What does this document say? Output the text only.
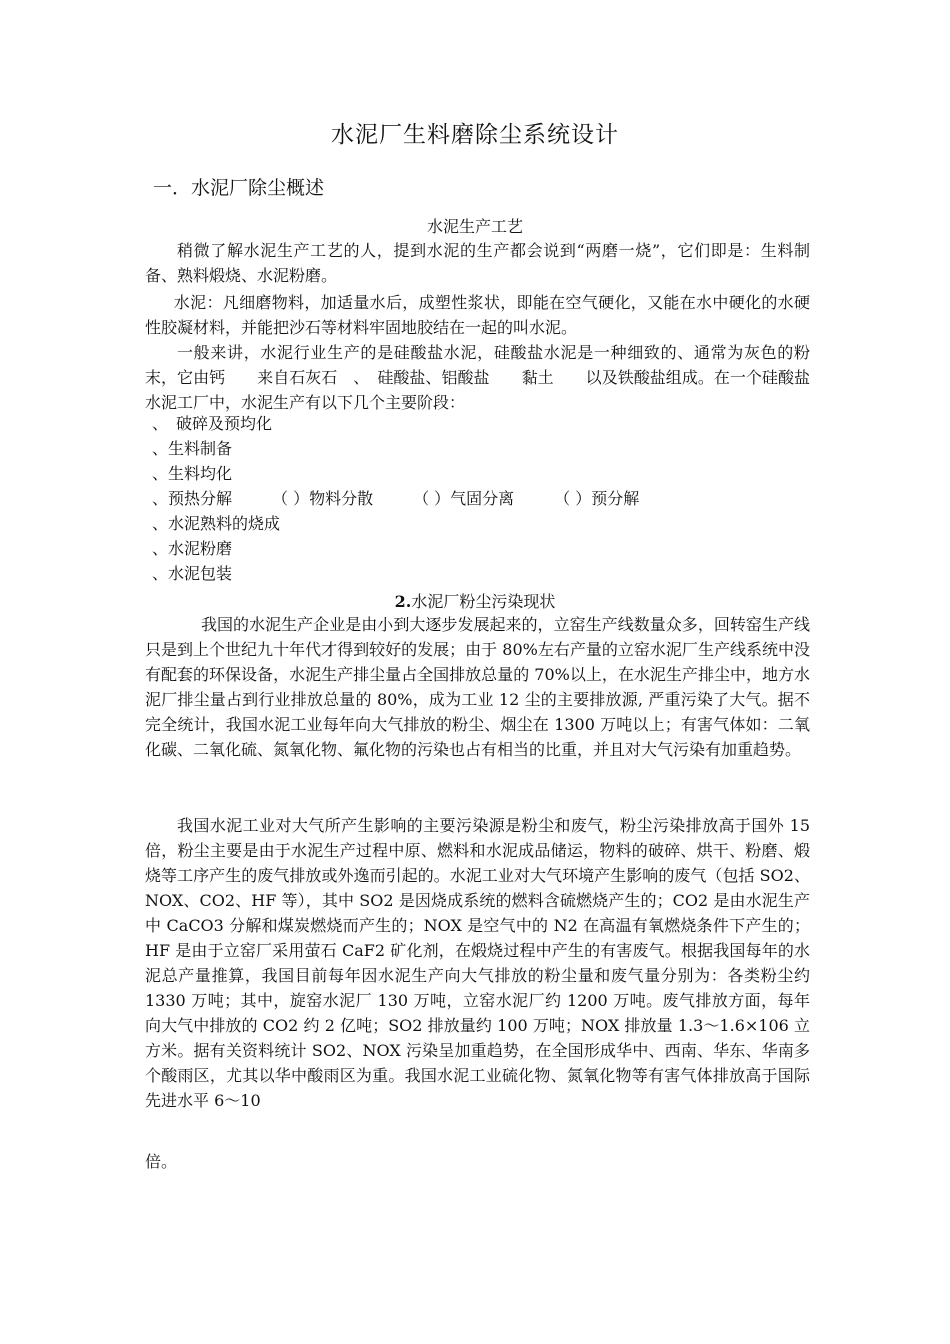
水泥厂生料磨除尘系统设计
一．水泥厂除尘概述
水泥生产工艺
稍微了解水泥生产工艺的人，提到水泥的生产都会说到“两磨一烧”，它们即是：生料制备、熟料煅烧、水泥粉磨。
水泥：凡细磨物料，加适量水后，成塑性浆状，即能在空气硬化，又能在水中硬化的水硬性胶凝材料，并能把沙石等材料牢固地胶结在一起的叫水泥。
一般来讲，水泥行业生产的是硅酸盐水泥，硅酸盐水泥是一种细致的、通常为灰色的粉末，它由钙　　来自石灰石　、　硅酸盐、铝酸盐　　黏土　　以及铁酸盐组成。在一个硅酸盐　水泥工厂中，水泥生产有以下几个主要阶段：
、　破碎及预均化
、生料制备
、生料均化
、预热分解　　　（ ）物料分散　　　（ ）气固分离　　　（ ）预分解
、水泥熟料的烧成
、水泥粉磨
、水泥包装
2.水泥厂粉尘污染现状
我国的水泥生产企业是由小到大逐步发展起来的，立窑生产线数量众多，回转窑生产线只是到上个世纪九十年代才得到较好的发展；由于 80%左右产量的立窑水泥厂生产线系统中没有配套的环保设备，水泥生产排尘量占全国排放总量的 70%以上，在水泥生产排尘中，地方水泥厂排尘量占到行业排放总量的 80%，成为工业 12 尘的主要排放源, 严重污染了大气。据不完全统计，我国水泥工业每年向大气排放的粉尘、烟尘在 1300 万吨以上；有害气体如：二氧化碳、二氧化硫、氮氧化物、氟化物的污染也占有相当的比重，并且对大气污染有加重趋势。
我国水泥工业对大气所产生影响的主要污染源是粉尘和废气，粉尘污染排放高于国外 15 倍，粉尘主要是由于水泥生产过程中原、燃料和水泥成品储运，物料的破碎、烘干、粉磨、煅烧等工序产生的废气排放或外逸而引起的。水泥工业对大气环境产生影响的废气（包括 SO2、NOX、CO2、HF 等），其中 SO2 是因烧成系统的燃料含硫燃烧产生的；CO2 是由水泥生产中 CaCO3 分解和煤炭燃烧而产生的；NOX 是空气中的 N2 在高温有氧燃烧条件下产生的；HF 是由于立窑厂采用萤石 CaF2 矿化剂，在煅烧过程中产生的有害废气。根据我国每年的水泥总产量推算，我国目前每年因水泥生产向大气排放的粉尘量和废气量分别为：各类粉尘约 1330 万吨；其中，旋窑水泥厂 130 万吨，立窑水泥厂约 1200 万吨。废气排放方面，每年向大气中排放的 CO2 约 2 亿吨；SO2 排放量约 100 万吨；NOX 排放量 1.3～1.6×106 立方米。据有关资料统计 SO2、NOX 污染呈加重趋势，在全国形成华中、西南、华东、华南多个酸雨区，尤其以华中酸雨区为重。我国水泥工业硫化物、氮氧化物等有害气体排放高于国际先进水平 6～10
倍。
